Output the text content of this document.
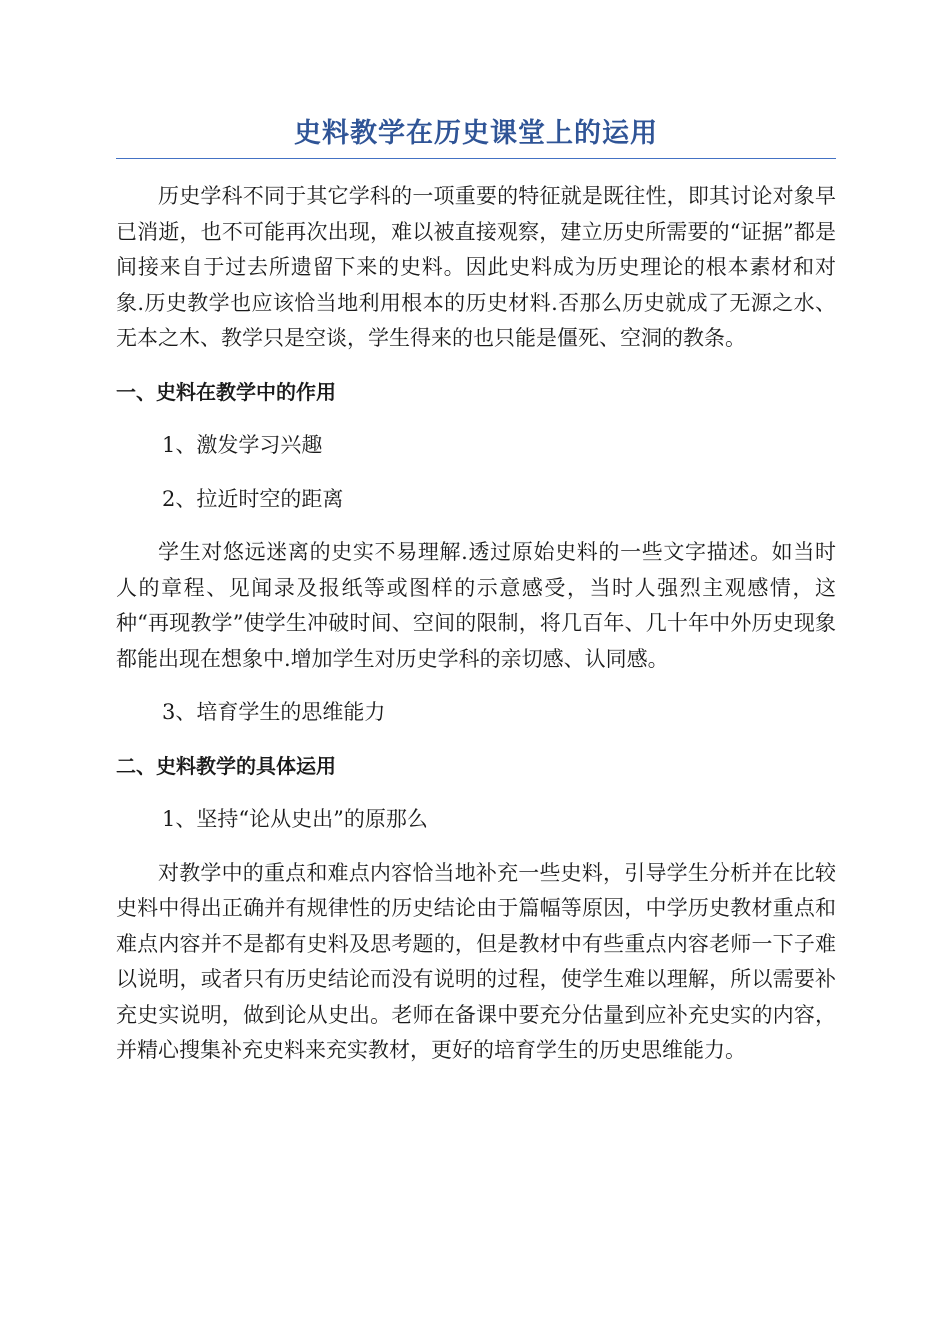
史料教学在历史课堂上的运用

历史学科不同于其它学科的一项重要的特征就是既往性，即其讨论对象早已消逝，也不可能再次出现，难以被直接观察，建立历史所需要的“证据”都是间接来自于过去所遗留下来的史料。因此史料成为历史理论的根本素材和对象.历史教学也应该恰当地利用根本的历史材料.否那么历史就成了无源之水、无本之木、教学只是空谈，学生得来的也只能是僵死、空洞的教条。

一、史料在教学中的作用

1、激发学习兴趣

2、拉近时空的距离

学生对悠远迷离的史实不易理解.透过原始史料的一些文字描述。如当时人的章程、见闻录及报纸等或图样的示意感受，当时人强烈主观感情，这种“再现教学”使学生冲破时间、空间的限制，将几百年、几十年中外历史现象都能出现在想象中.增加学生对历史学科的亲切感、认同感。

3、培育学生的思维能力

二、史料教学的具体运用

1、坚持“论从史出”的原那么

对教学中的重点和难点内容恰当地补充一些史料，引导学生分析并在比较史料中得出正确并有规律性的历史结论由于篇幅等原因，中学历史教材重点和难点内容并不是都有史料及思考题的，但是教材中有些重点内容老师一下子难以说明，或者只有历史结论而没有说明的过程，使学生难以理解，所以需要补充史实说明，做到论从史出。老师在备课中要充分估量到应补充史实的内容，并精心搜集补充史料来充实教材，更好的培育学生的历史思维能力。
